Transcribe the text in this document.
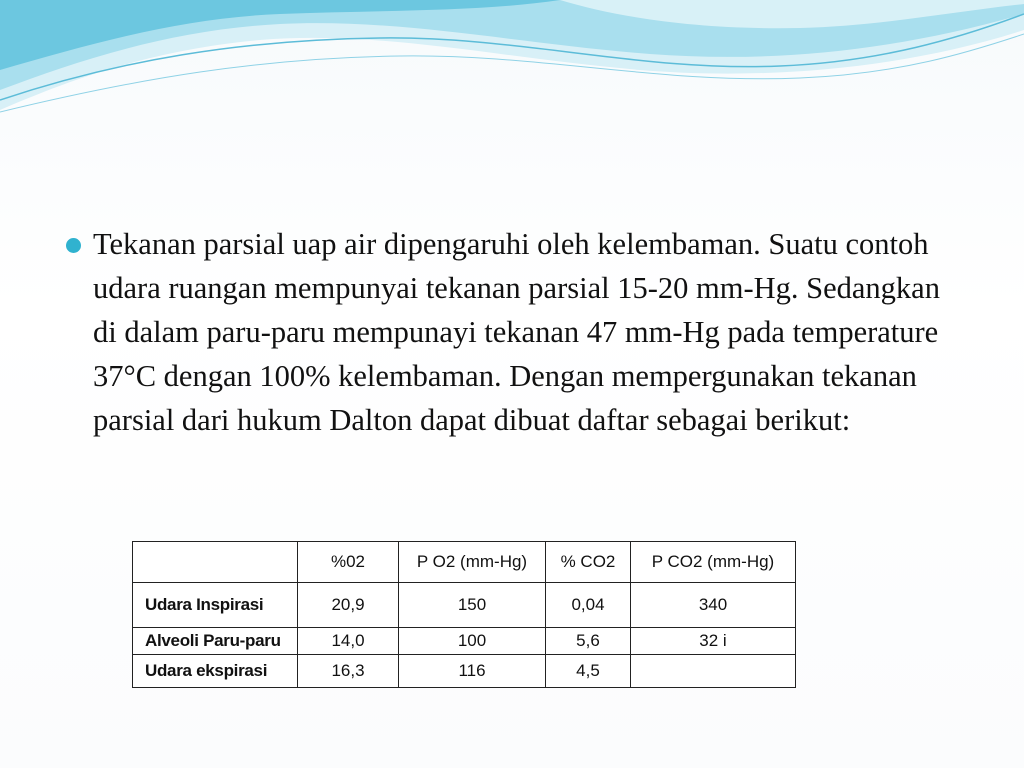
Tekanan parsial uap air dipengaruhi oleh kelembaman. Suatu contoh udara ruangan mempunyai tekanan parsial 15-20 mm-Hg. Sedangkan di dalam paru-paru mempunayi tekanan 47 mm-Hg pada temperature 37°C dengan 100% kelembaman. Dengan mempergunakan tekanan parsial dari hukum Dalton dapat dibuat daftar sebagai berikut:

	%02	P O2 (mm-Hg)	% CO2	P CO2 (mm-Hg)
Udara Inspirasi	20,9	150	0,04	340
Alveoli Paru-paru	14,0	100	5,6	32 i
Udara ekspirasi	16,3	116	4,5	
